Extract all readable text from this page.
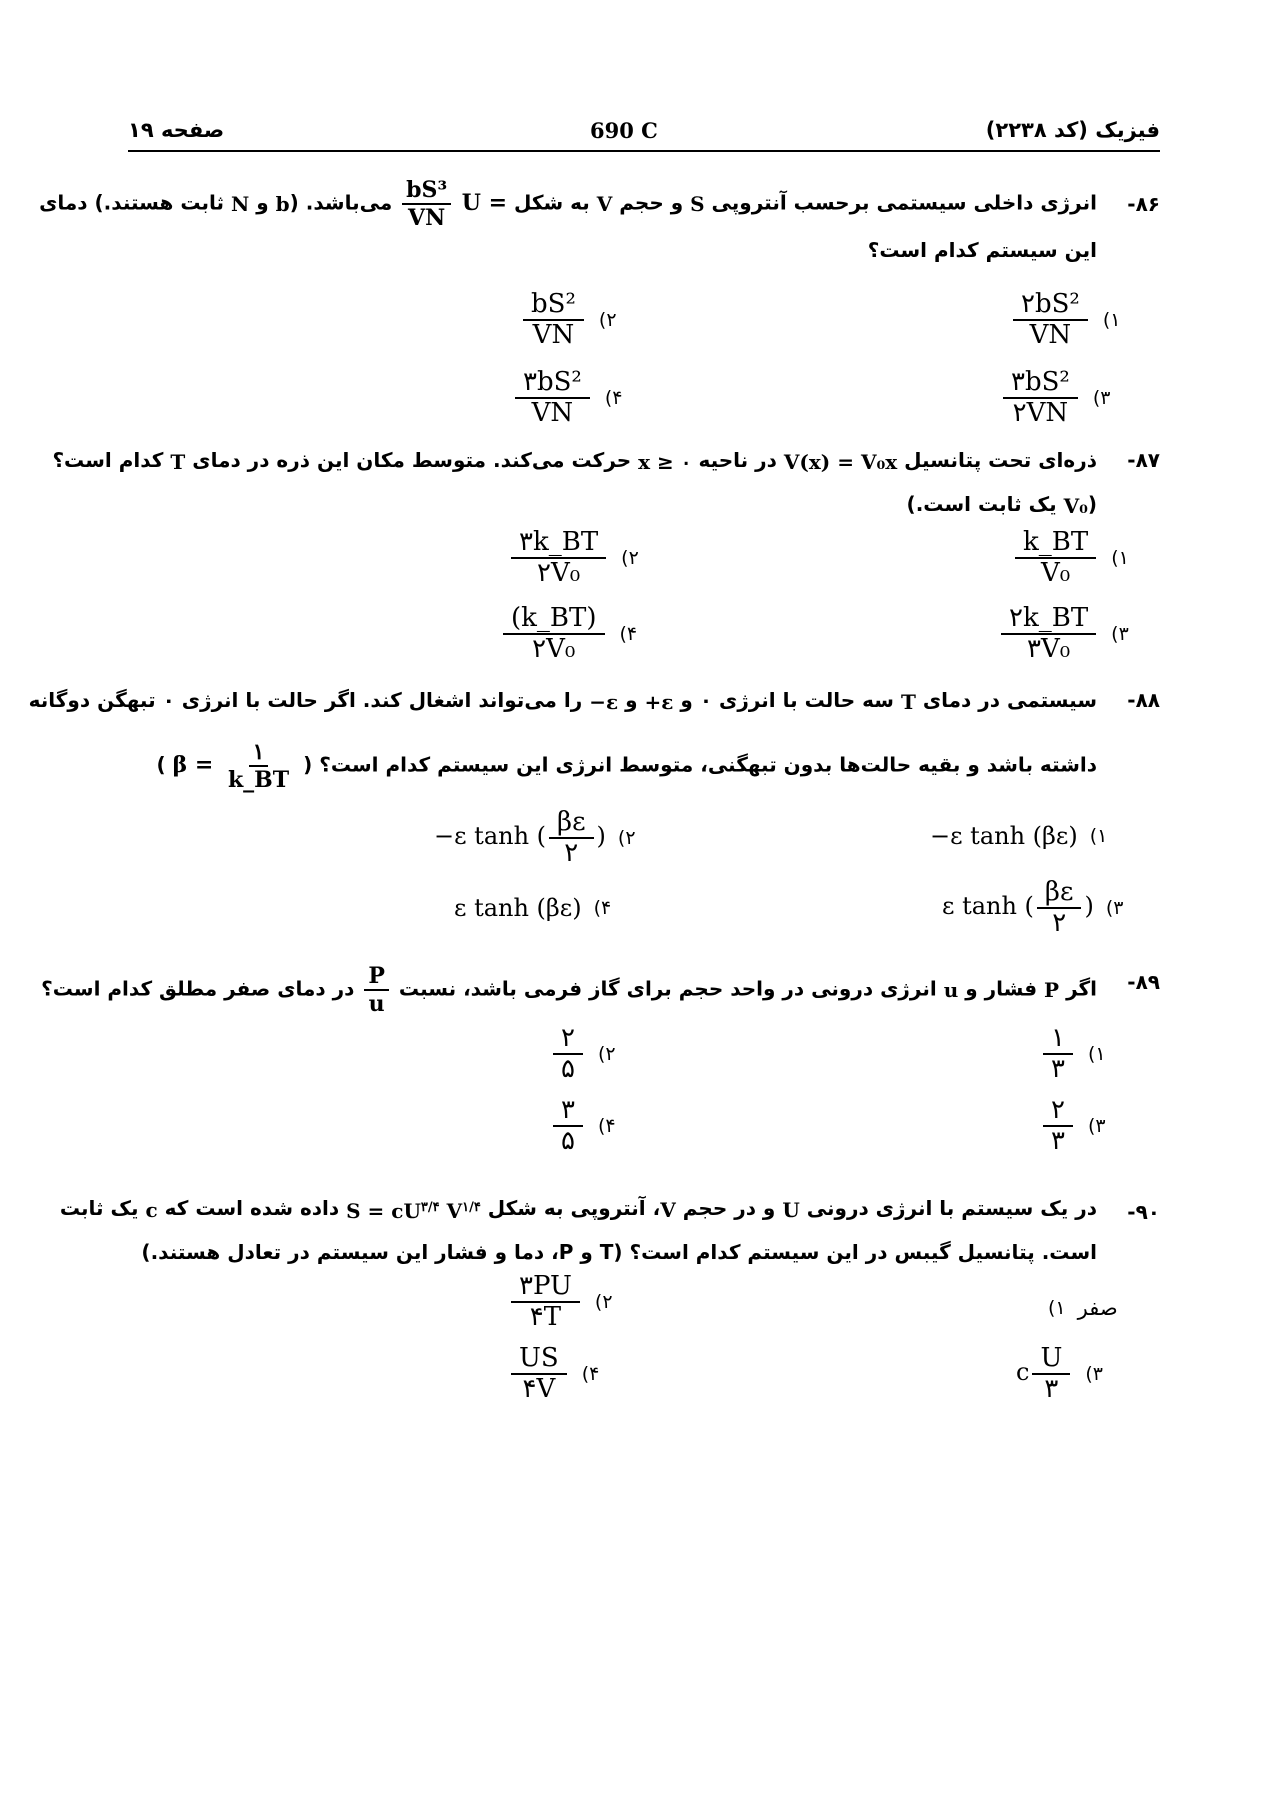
صفحه ۱۹	690 C	فیزیک (کد ۲۲۳۸)
۸۶-
انرژی داخلی سیستمی برحسب آنتروپی S و حجم V به شکل
$\frac{\text{bS³}}{VN}$ U = می‌باشد. (b و N ثابت هستند.) دمای
این سیستم کدام است؟
$\frac{\text{۲bS²}}{VN}$ ۱)
$\frac{\text{bS²}}{VN}$ ۲)
$\frac{\text{۳bS²}}{۲VN}$ ۳)
$\frac{\text{۳bS²}}{VN}$ ۴)
۸۷-
ذره‌ای تحت پتانسیل V(x) = V₀x در ناحیه x ≥ ۰ حرکت می‌کند. متوسط مکان این ذره در دمای T کدام است؟
(V₀ یک ثابت است.)
$\frac{k\_BT}{\text{V₀}}$ ۱)
$\frac{۳k\_BT}{\text{۲V₀}}$ ۲)
$\frac{۲k\_BT}{\text{۳V₀}}$ ۳)
$\frac{(k\_BT)}{\text{۲V₀}}$ ۴)
۸۸-
سیستمی در دمای T سه حالت با انرژی ۰ و +ε و −ε را می‌تواند اشغال کند. اگر حالت با انرژی ۰ تبهگن دوگانه
داشته باشد و بقیه حالت‌ها بدون تبهگنی، متوسط انرژی این سیستم کدام است؟ ( $\beta = \frac{۱}{k\_BT}$
)
−ε tanh (βε) ۱)
−ε tanh ( $\frac{\beta\varepsilon}{۲}$ ) ۲)
ε tanh ( $\frac{\beta\varepsilon}{۲}$ ) ۳)
ε tanh (βε) ۴)
۸۹-
اگر P فشار و u انرژی درونی در واحد حجم برای گاز فرمی باشد، نسبت
$\frac{P}{u}$
در دمای صفر مطلق کدام است؟
$\frac{۱}{۳}$ ۱)
$\frac{۲}{۵}$ ۲)
$\frac{۲}{۳}$ ۳)
$\frac{۳}{۵}$ ۴)
۹۰-
در یک سیستم با انرژی درونی U و در حجم V، آنتروپی به شکل $S = cU^{۳/۴}$ $V^{۱/۴}$ داده شده است که c یک ثابت
است. پتانسیل گیبس در این سیستم کدام است؟ (T و P، دما و فشار این سیستم در تعادل هستند.)
۱) صفر
$\frac{۳PU}{۴T}$ ۲)
c $\frac{U}{۳}$ ۳)
$\frac{US}{۴V}$ ۴)
